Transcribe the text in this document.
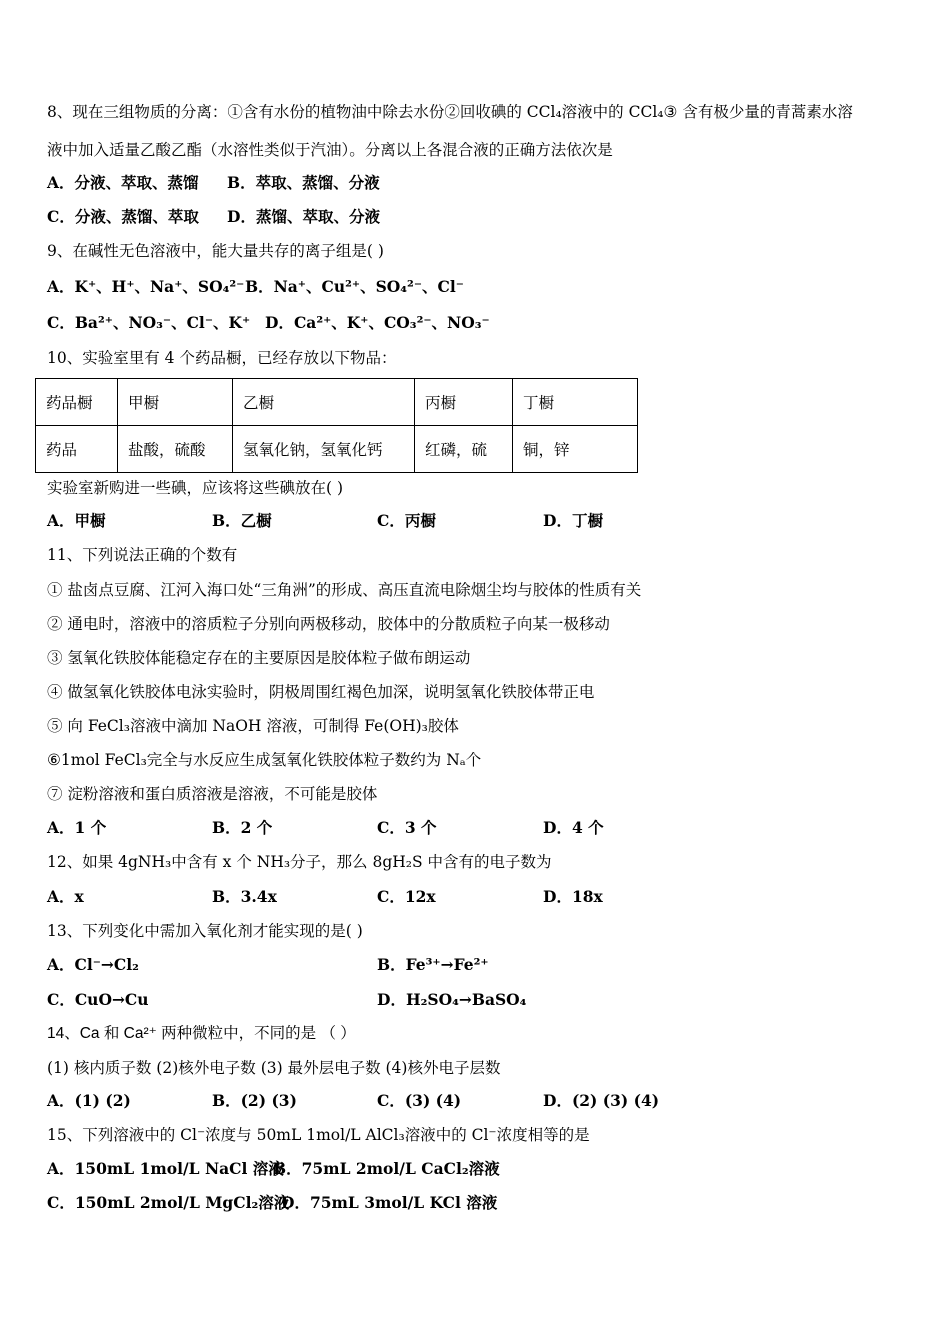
8、现在三组物质的分离：①含有水份的植物油中除去水份②回收碘的 CCl₄溶液中的 CCl₄③ 含有极少量的青蒿素水溶
液中加入适量乙酸乙酯（水溶性类似于汽油）。分离以上各混合液的正确方法依次是
A．分液、萃取、蒸馏 B．萃取、蒸馏、分液
C．分液、蒸馏、萃取 D．蒸馏、萃取、分液
9、在碱性无色溶液中，能大量共存的离子组是( )
A．K⁺、H⁺、Na⁺、SO₄²⁻ B．Na⁺、Cu²⁺、SO₄²⁻、Cl⁻
C．Ba²⁺、NO₃⁻、Cl⁻、K⁺ D．Ca²⁺、K⁺、CO₃²⁻、NO₃⁻
10、实验室里有 4 个药品橱，已经存放以下物品：
药品橱	甲橱	乙橱	丙橱	丁橱
药品	盐酸，硫酸	氢氧化钠，氢氧化钙	红磷，硫	铜，锌
实验室新购进一些碘，应该将这些碘放在( )
A．甲橱	B．乙橱	C．丙橱	D．丁橱
11、下列说法正确的个数有
① 盐卤点豆腐、江河入海口处“三角洲”的形成、高压直流电除烟尘均与胶体的性质有关
② 通电时，溶液中的溶质粒子分别向两极移动，胶体中的分散质粒子向某一极移动
③ 氢氧化铁胶体能稳定存在的主要原因是胶体粒子做布朗运动
④ 做氢氧化铁胶体电泳实验时，阴极周围红褐色加深，说明氢氧化铁胶体带正电
⑤ 向 FeCl₃溶液中滴加 NaOH 溶液，可制得 Fe(OH)₃胶体
⑥1mol FeCl₃完全与水反应生成氢氧化铁胶体粒子数约为 Nₐ个
⑦ 淀粉溶液和蛋白质溶液是溶液，不可能是胶体
A．1 个	B．2 个	C．3 个	D．4 个
12、如果 4gNH₃中含有 x 个 NH₃分子，那么 8gH₂S 中含有的电子数为
A．x	B．3.4x	C．12x	D．18x
13、下列变化中需加入氧化剂才能实现的是( )
A．Cl⁻→Cl₂	B．Fe³⁺→Fe²⁺
C．CuO→Cu	D．H₂SO₄→BaSO₄
14、Ca 和 Ca²⁺ 两种微粒中，不同的是 （ ）
(1) 核内质子数 (2)核外电子数 (3) 最外层电子数 (4)核外电子层数
A．(1) (2)	B．(2) (3)	C．(3) (4)	D．(2) (3) (4)
15、下列溶液中的 Cl⁻浓度与 50mL 1mol/L AlCl₃溶液中的 Cl⁻浓度相等的是
A．150mL 1mol/L NaCl 溶液
B．75mL 2mol/L CaCl₂溶液
C．150mL 2mol/L MgCl₂溶液
D．75mL 3mol/L KCl 溶液
